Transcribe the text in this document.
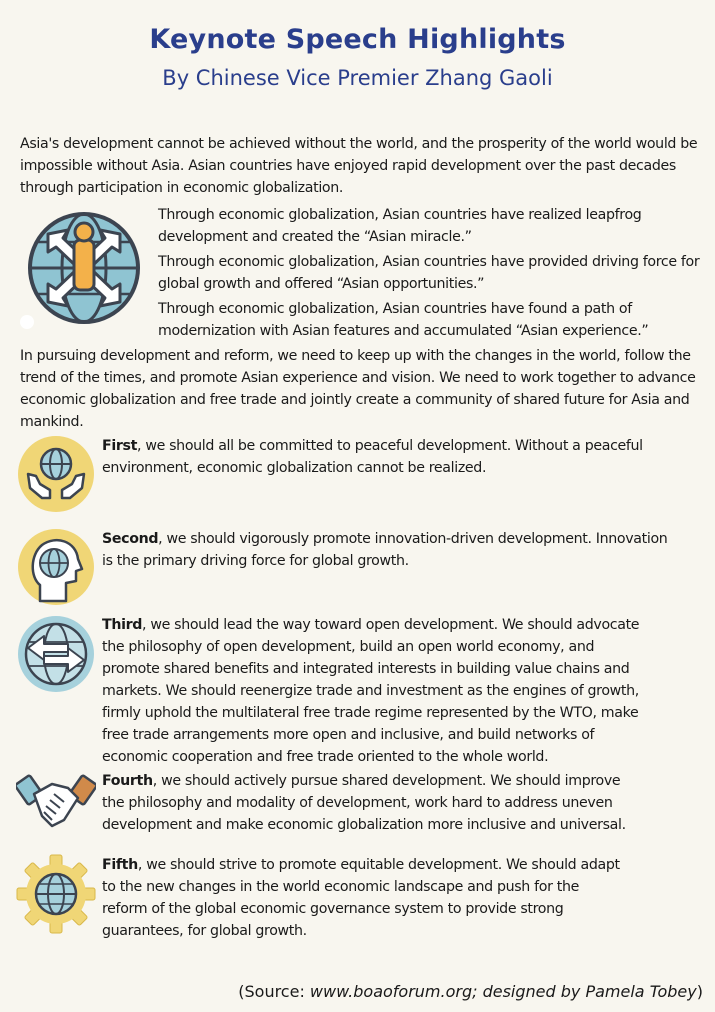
Keynote Speech Highlights
By Chinese Vice Premier Zhang Gaoli
Asia's development cannot be achieved without the world, and the prosperity of the world would be impossible without Asia. Asian countries have enjoyed rapid development over the past decades through participation in economic globalization.
Through economic globalization, Asian countries have realized leapfrog development and created the “Asian miracle.”
Through economic globalization, Asian countries have provided driving force for global growth and offered “Asian opportunities.”
Through economic globalization, Asian countries have found a path of modernization with Asian features and accumulated “Asian experience.”
In pursuing development and reform, we need to keep up with the changes in the world, follow the trend of the times, and promote Asian experience and vision. We need to work together to advance economic globalization and free trade and jointly create a community of shared future for Asia and mankind.
First, we should all be committed to peaceful development. Without a peaceful environment, economic globalization cannot be realized.
Second, we should vigorously promote innovation-driven development. Innovation is the primary driving force for global growth.
Third, we should lead the way toward open development. We should advocate the philosophy of open development, build an open world economy, and promote shared benefits and integrated interests in building value chains and markets. We should reenergize trade and investment as the engines of growth, firmly uphold the multilateral free trade regime represented by the WTO, make free trade arrangements more open and inclusive, and build networks of economic cooperation and free trade oriented to the whole world.
Fourth, we should actively pursue shared development. We should improve the philosophy and modality of development, work hard to address uneven development and make economic globalization more inclusive and universal.
Fifth, we should strive to promote equitable development. We should adapt to the new changes in the world economic landscape and push for the reform of the global economic governance system to provide strong guarantees, for global growth.
(Source: www.boaoforum.org; designed by Pamela Tobey)
